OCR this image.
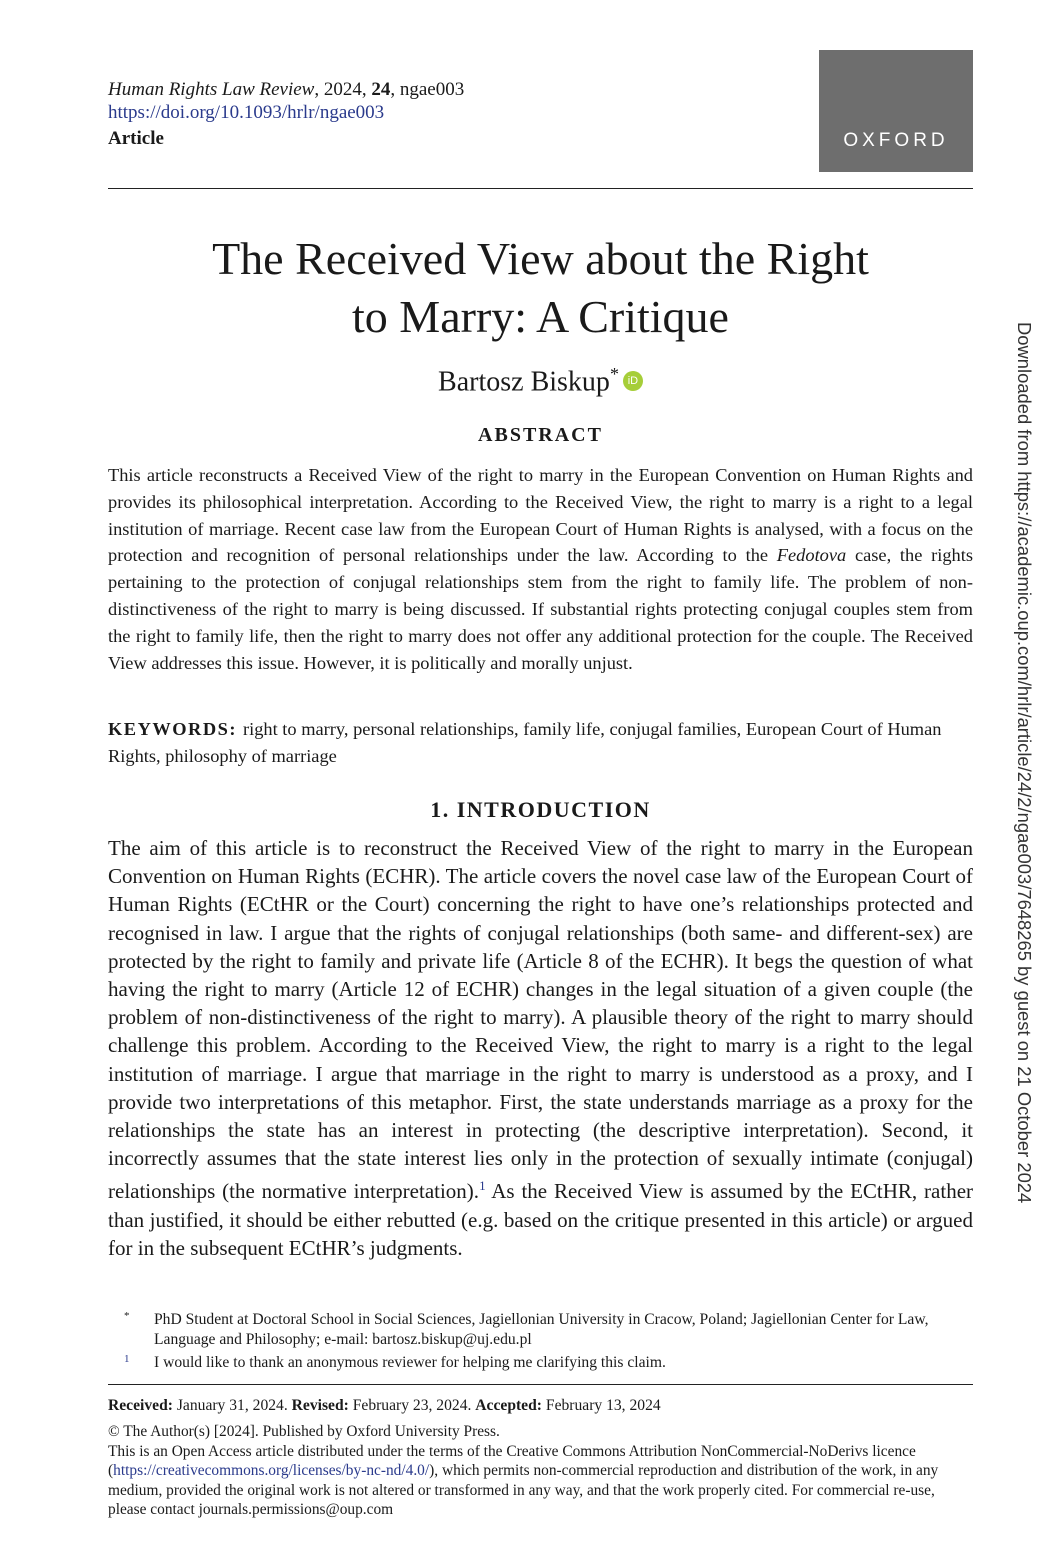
Human Rights Law Review, 2024, 24, ngae003
https://doi.org/10.1093/hrlr/ngae003
Article	OXFORD
The Received View about the Right
to Marry: A Critique
Bartosz Biskup* iD
ABSTRACT

This article reconstructs a Received View of the right to marry in the European Convention on Human Rights and provides its philosophical interpretation. According to the Received View, the right to marry is a right to a legal institution of marriage. Recent case law from the European Court of Human Rights is analysed, with a focus on the protection and recognition of personal relationships under the law. According to the Fedotova case, the rights pertaining to the protection of conjugal relationships stem from the right to family life. The problem of non-distinctiveness of the right to marry is being discussed. If substantial rights protecting conjugal couples stem from the right to family life, then the right to marry does not offer any additional protection for the couple. The Received View addresses this issue. However, it is politically and morally unjust.

KEYWORDS: right to marry, personal relationships, family life, conjugal families, European Court of Human Rights, philosophy of marriage

1. INTRODUCTION

The aim of this article is to reconstruct the Received View of the right to marry in the European Convention on Human Rights (ECHR). The article covers the novel case law of the European Court of Human Rights (ECtHR or the Court) concerning the right to have one’s relationships protected and recognised in law. I argue that the rights of conjugal relationships (both same- and different-sex) are protected by the right to family and private life (Article 8 of the ECHR). It begs the question of what having the right to marry (Article 12 of ECHR) changes in the legal situation of a given couple (the problem of non-distinctiveness of the right to marry). A plausible theory of the right to marry should challenge this problem. According to the Received View, the right to marry is a right to the legal institution of marriage. I argue that marriage in the right to marry is understood as a proxy, and I provide two interpretations of this metaphor. First, the state understands marriage as a proxy for the relationships the state has an interest in protecting (the descriptive interpretation). Second, it incorrectly assumes that the state interest lies only in the protection of sexually intimate (conjugal) relationships (the normative interpretation).$^1$ As the Received View is assumed by the ECtHR, rather than justified, it should be either rebutted (e.g. based on the critique presented in this article) or argued for in the subsequent ECtHR’s judgments.

* PhD Student at Doctoral School in Social Sciences, Jagiellonian University in Cracow, Poland; Jagiellonian Center for Law, Language and Philosophy; e-mail: bartosz.biskup@uj.edu.pl
1 I would like to thank an anonymous reviewer for helping me clarifying this claim.
Received: January 31, 2024. Revised: February 23, 2024. Accepted: February 13, 2024

© The Author(s) [2024]. Published by Oxford University Press.
This is an Open Access article distributed under the terms of the Creative Commons Attribution NonCommercial-NoDerivs licence (https://creativecommons.org/licenses/by-nc-nd/4.0/), which permits non-commercial reproduction and distribution of the work, in any medium, provided the original work is not altered or transformed in any way, and that the work properly cited. For commercial re-use, please contact journals.permissions@oup.com

Downloaded from https://academic.oup.com/hrlr/article/24/2/ngae003/7648265 by guest on 21 October 2024
